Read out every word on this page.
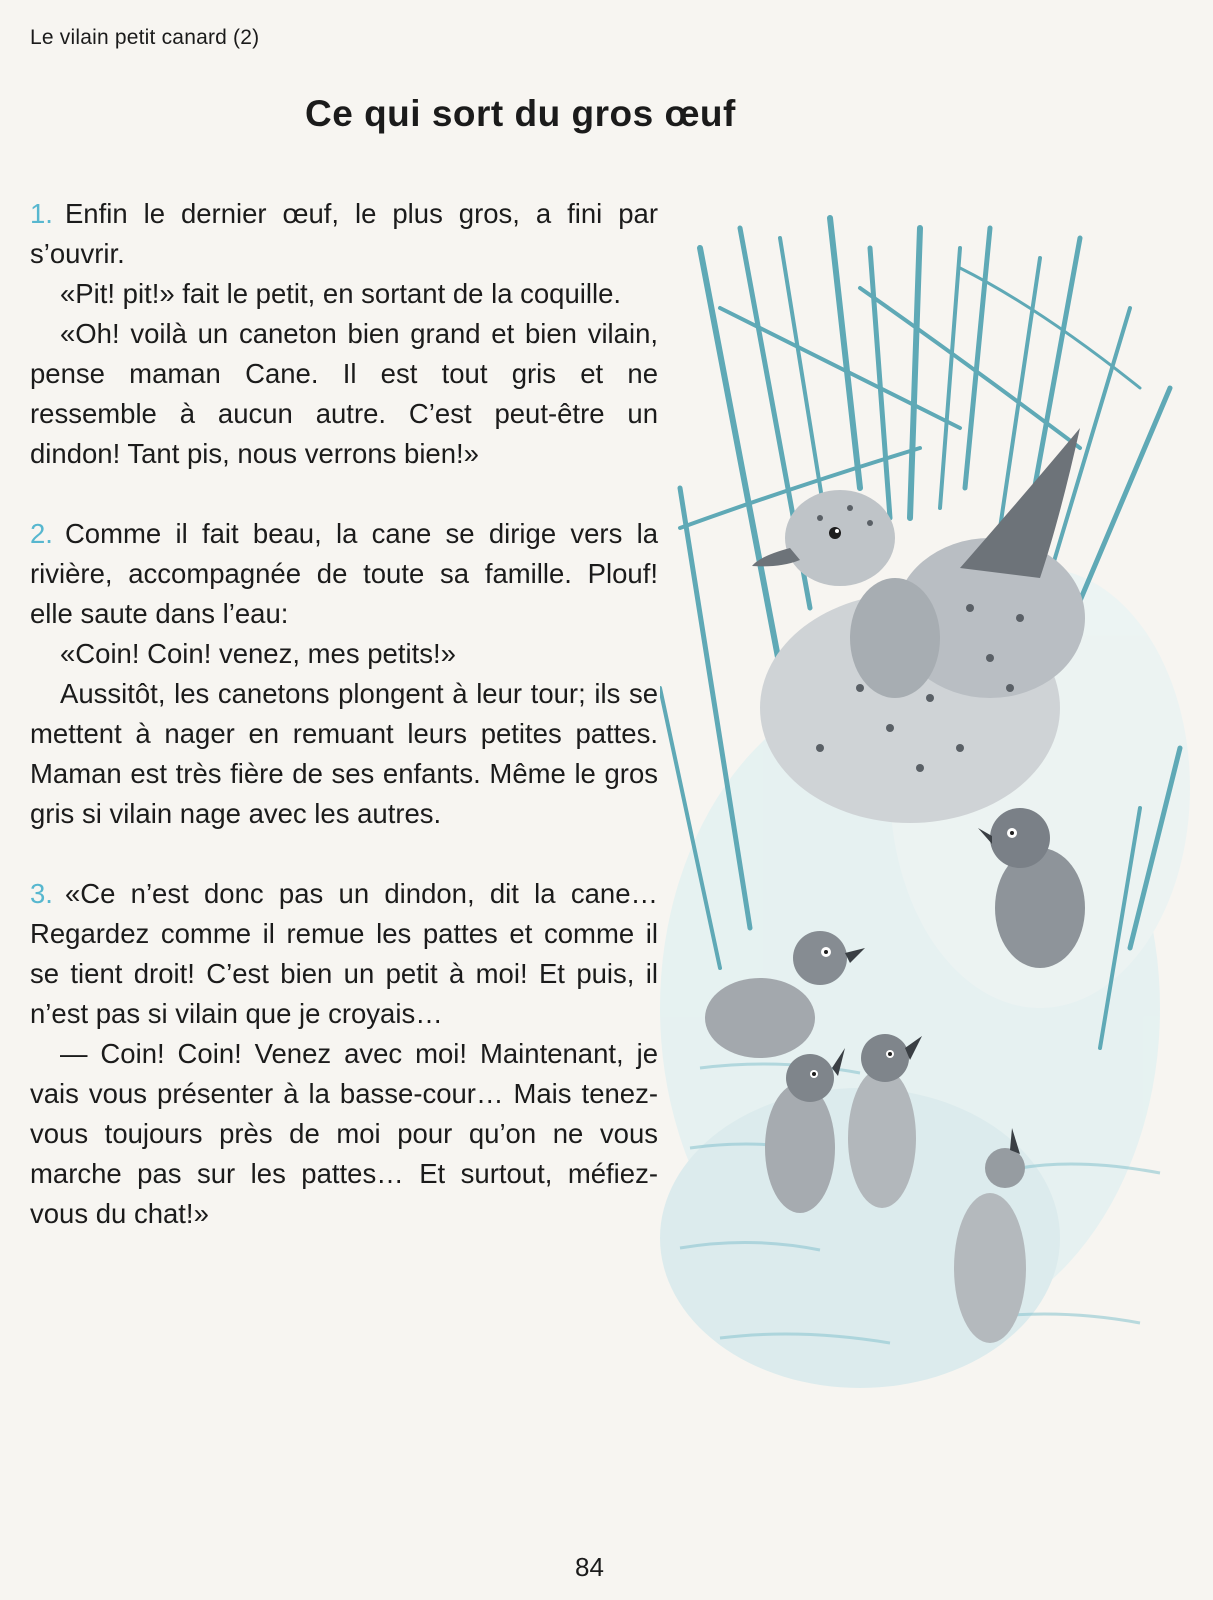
Le vilain petit canard (2)
Ce qui sort du gros œuf

1. Enfin le dernier œuf, le plus gros, a fini par s’ouvrir.

«Pit! pit!» fait le petit, en sortant de la coquille.

«Oh! voilà un caneton bien grand et bien vilain, pense maman Cane. Il est tout gris et ne ressemble à aucun autre. C’est peut-être un dindon! Tant pis, nous verrons bien!»

2. Comme il fait beau, la cane se dirige vers la rivière, accompagnée de toute sa famille. Plouf! elle saute dans l’eau:

«Coin! Coin! venez, mes petits!»

Aussitôt, les canetons plongent à leur tour; ils se mettent à nager en remuant leurs petites pattes. Maman est très fière de ses enfants. Même le gros gris si vilain nage avec les autres.

3. «Ce n’est donc pas un dindon, dit la cane… Regardez comme il remue les pattes et comme il se tient droit! C’est bien un petit à moi! Et puis, il n’est pas si vilain que je croyais…

— Coin! Coin! Venez avec moi! Maintenant, je vais vous présenter à la basse-cour… Mais tenez-vous toujours près de moi pour qu’on ne vous marche pas sur les pattes… Et surtout, méfiez-vous du chat!»

84
